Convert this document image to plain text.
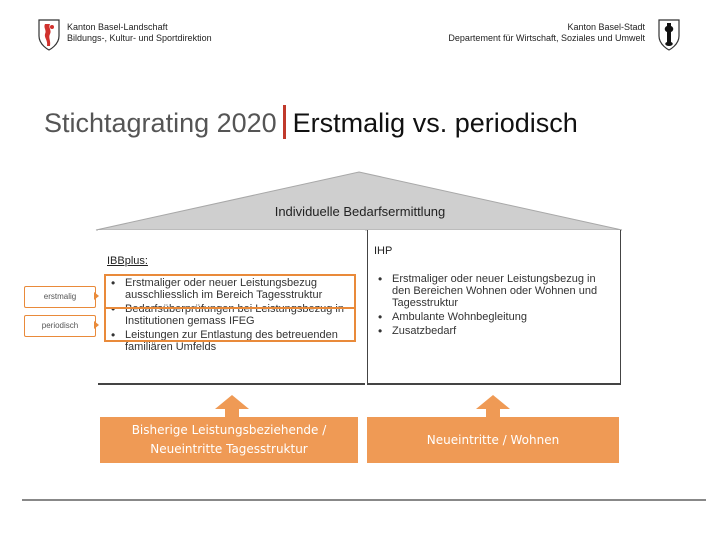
Kanton Basel-Landschaft
Bildungs-, Kultur- und Sportdirektion
Kanton Basel-Stadt
Departement für Wirtschaft, Soziales und Umwelt
Stichtagrating 2020 Erstmalig vs. periodisch
Individuelle Bedarfsermittlung
IBBplus:
• Erstmaliger oder neuer Leistungsbezug ausschliesslich im Bereich Tagesstruktur
• Bedarfsüberprüfungen bei Leistungsbezug in Institutionen gemass IFEG
• Leistungen zur Entlastung des betreuenden familiären Umfelds
IHP
• Erstmaliger oder neuer Leistungsbezug in den Bereichen Wohnen oder Wohnen und Tagesstruktur
• Ambulante Wohnbegleitung
• Zusatzbedarf
erstmalig
periodisch
Bisherige Leistungsbeziehende / Neueintritte Tagesstruktur
Neueintritte / Wohnen
